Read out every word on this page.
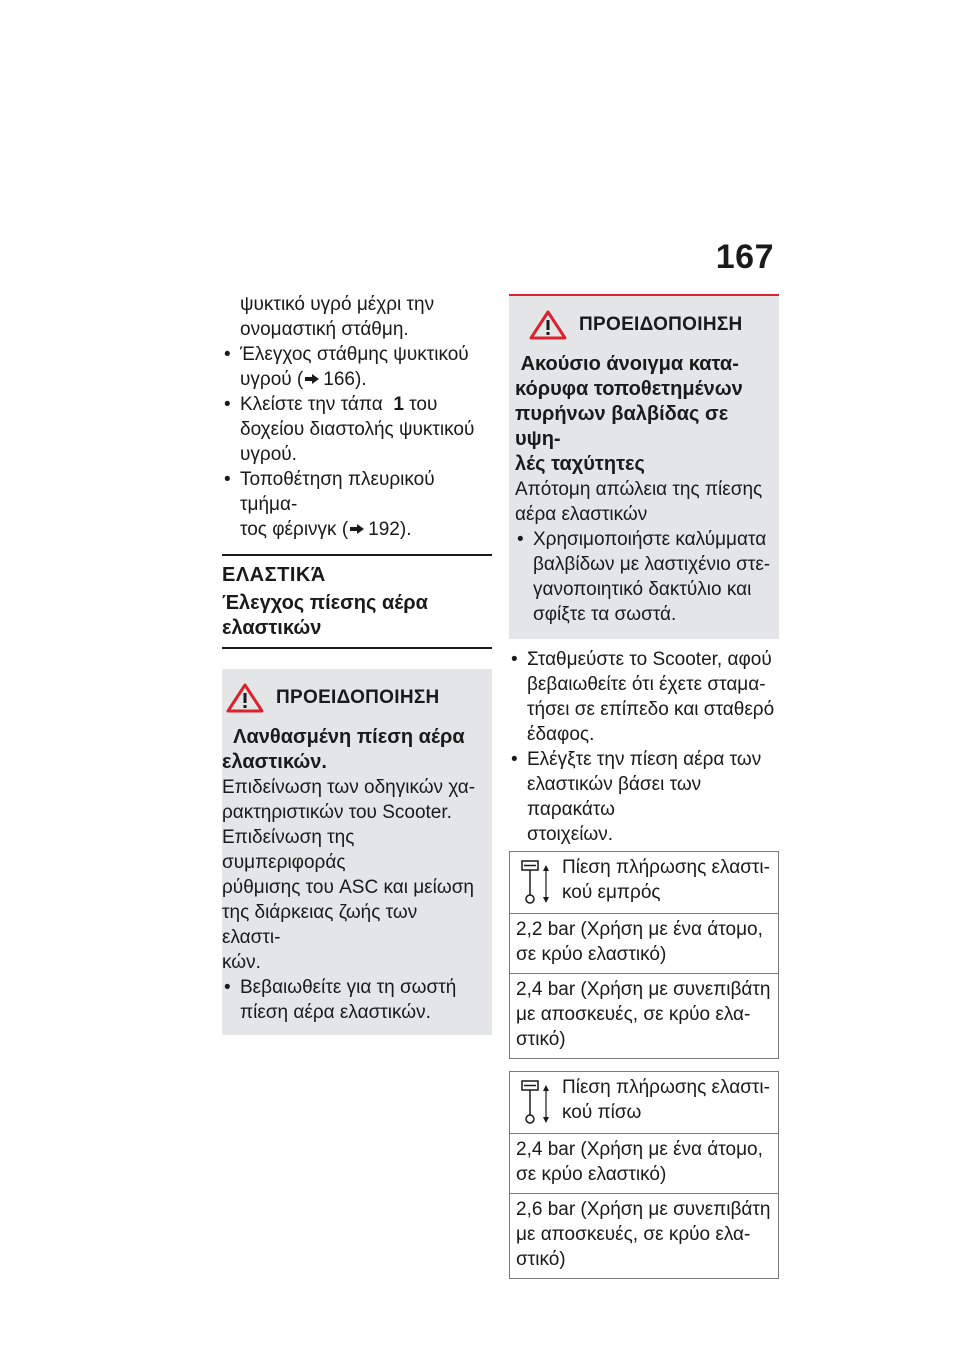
167

ψυκτικό υγρό μέχρι την
ονομαστική στάθμη.

• Έλεγχος στάθμης ψυκτικού
υγρού ( 166).
• Κλείστε την τάπα 1 του
δοχείου διαστολής ψυκτικού
υγρού.
• Τοποθέτηση πλευρικού τμήμα-
τος φέρινγκ ( 192).
ΕΛΑΣΤΙΚΆ
Έλεγχος πίεσης αέρα
ελαστικών
ΠΡΟΕΙΔΟΠΟΙΗΣΗ
Λανθασμένη πίεση αέρα
ελαστικών.

Επιδείνωση των οδηγικών χα-
ρακτηριστικών του Scooter.
Επιδείνωση της συμπεριφοράς
ρύθμισης του ASC και μείωση
της διάρκειας ζωής των ελαστι-
κών.

• Βεβαιωθείτε για τη σωστή
πίεση αέρα ελαστικών.
ΠΡΟΕΙΔΟΠΟΙΗΣΗ
Ακούσιο άνοιγμα κατα-
κόρυφα τοποθετημένων
πυρήνων βαλβίδας σε υψη-
λές ταχύτητες

Απότομη απώλεια της πίεσης
αέρα ελαστικών

• Χρησιμοποιήστε καλύμματα
βαλβίδων με λαστιχένιο στε-
γανοποιητικό δακτύλιο και
σφίξτε τα σωστά.
• Σταθμεύστε το Scooter, αφού
βεβαιωθείτε ότι έχετε σταμα-
τήσει σε επίπεδο και σταθερό
έδαφος.
• Ελέγξτε την πίεση αέρα των
ελαστικών βάσει των παρακάτω
στοιχείων.
Πίεση πλήρωσης ελαστι-
κού εμπρός

2,2 bar (Χρήση με ένα άτομο,
σε κρύο ελαστικό)
2,4 bar (Χρήση με συνεπιβάτη
με αποσκευές, σε κρύο ελα-
στικό)
Πίεση πλήρωσης ελαστι-
κού πίσω

2,4 bar (Χρήση με ένα άτομο,
σε κρύο ελαστικό)
2,6 bar (Χρήση με συνεπιβάτη
με αποσκευές, σε κρύο ελα-
στικό)
